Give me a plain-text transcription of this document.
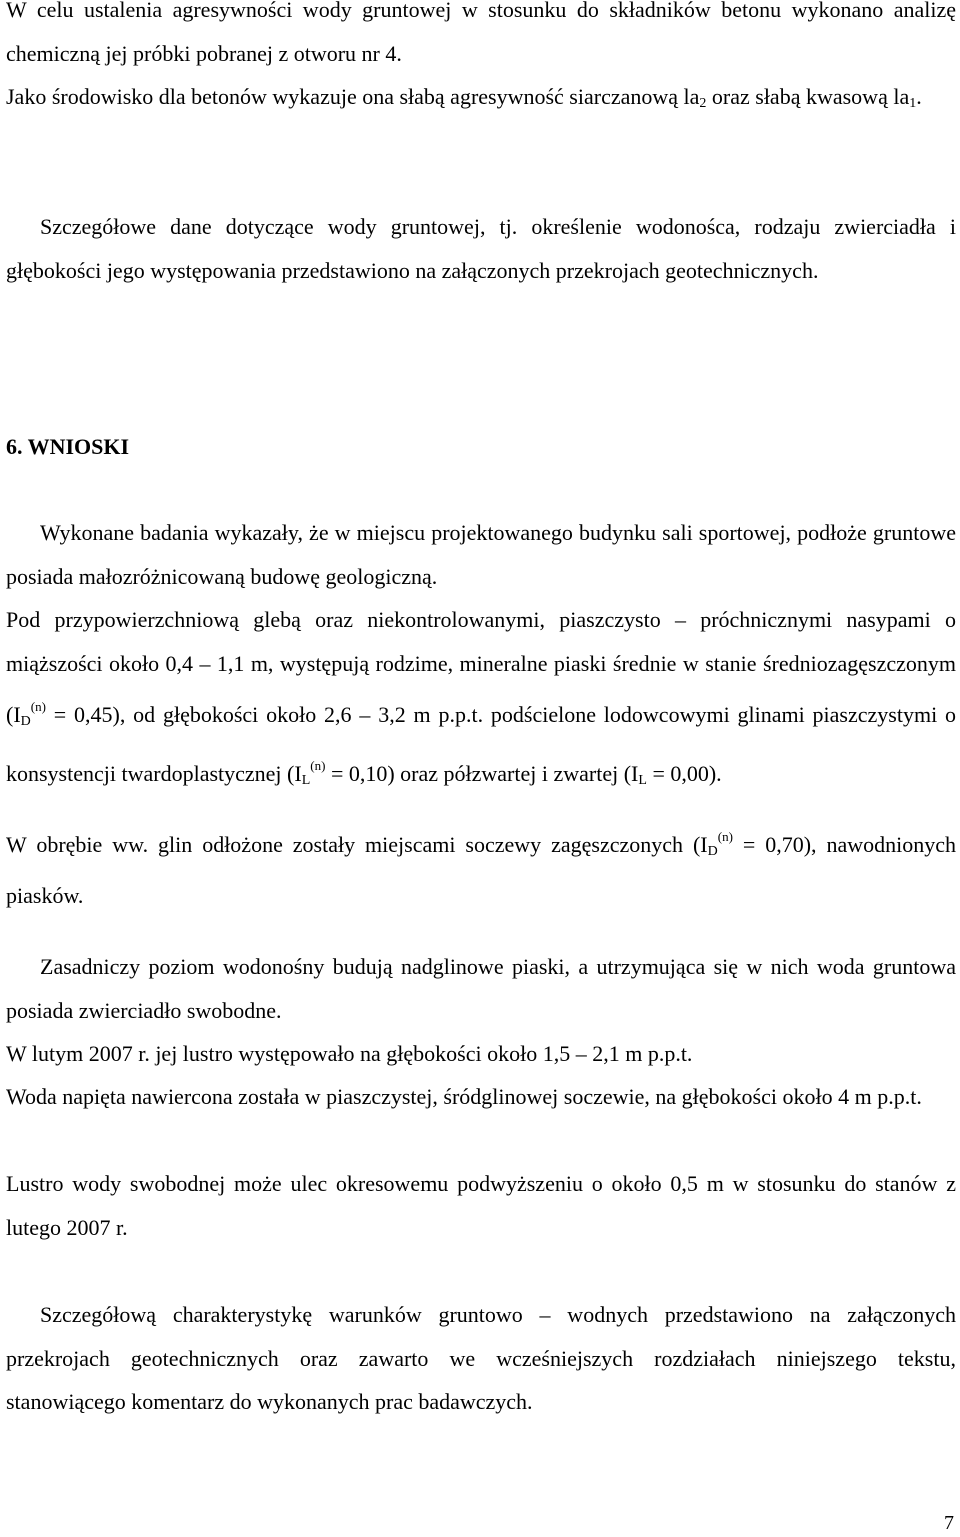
W celu ustalenia agresywności wody gruntowej w stosunku do składników betonu wykonano analizę chemiczną jej próbki pobranej z otworu nr 4.

Jako środowisko dla betonów wykazuje ona słabą agresywność siarczanową $la_2$ oraz słabą kwasową $la_1$.

Szczegółowe dane dotyczące wody gruntowej, tj. określenie wodonośca, rodzaju zwierciadła i głębokości jego występowania przedstawiono na załączonych przekrojach geotechnicznych.

6. WNIOSKI

Wykonane badania wykazały, że w miejscu projektowanego budynku sali sportowej, podłoże gruntowe posiada małozróżnicowaną budowę geologiczną.

Pod przypowierzchniową glebą oraz niekontrolowanymi, piaszczysto – próchnicznymi nasypami o miąższości około 0,4 – 1,1 m, występują rodzime, mineralne piaski średnie w stanie średniozagęszczonym $(I_D^{(n)} = 0,45)$, od głębokości około 2,6 – 3,2 m p.p.t. podścielone lodowcowymi glinami piaszczystymi o konsystencji twardoplastycznej $(I_L^{(n)} = 0,10)$ oraz półzwartej i zwartej $(I_L = 0,00)$.

W obrębie ww. glin odłożone zostały miejscami soczewy zagęszczonych $(I_D^{(n)} = 0,70)$, nawodnionych piasków.

Zasadniczy poziom wodonośny budują nadglinowe piaski, a utrzymująca się w nich woda gruntowa posiada zwierciadło swobodne.

W lutym 2007 r. jej lustro występowało na głębokości około 1,5 – 2,1 m p.p.t.

Woda napięta nawiercona została w piaszczystej, śródglinowej soczewie, na głębokości około 4 m p.p.t.

Lustro wody swobodnej może ulec okresowemu podwyższeniu o około 0,5 m w stosunku do stanów z lutego 2007 r.

Szczegółową charakterystykę warunków gruntowo – wodnych przedstawiono na załączonych przekrojach geotechnicznych oraz zawarto we wcześniejszych rozdziałach niniejszego tekstu, stanowiącego komentarz do wykonanych prac badawczych.

7
